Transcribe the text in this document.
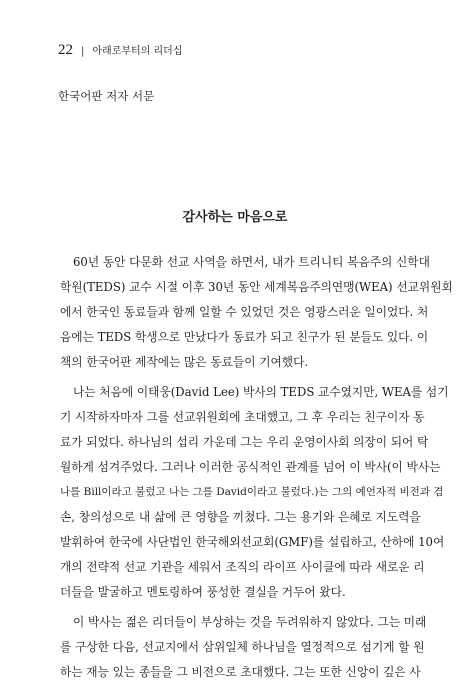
22 | 아래로부터의 리더십
한국어판 저자 서문
감사하는 마음으로
60년 동안 다문화 선교 사역을 하면서, 내가 트리니티 복음주의 신학대
학원(TEDS) 교수 시절 이후 30년 동안 세계복음주의연맹(WEA) 선교위원회
에서 한국인 동료들과 함께 일할 수 있었던 것은 영광스러운 일이었다. 처
음에는 TEDS 학생으로 만났다가 동료가 되고 친구가 된 분들도 있다. 이
책의 한국어판 제작에는 많은 동료들이 기여했다.
나는 처음에 이태웅(David Lee) 박사의 TEDS 교수였지만, WEA를 섬기
기 시작하자마자 그를 선교위원회에 초대했고, 그 후 우리는 친구이자 동
료가 되었다. 하나님의 섭리 가운데 그는 우리 운영이사회 의장이 되어 탁
월하게 섬겨주었다. 그러나 이러한 공식적인 관계를 넘어 이 박사(이 박사는
나를 Bill이라고 불렀고 나는 그를 David이라고 불렀다.)는 그의 예언자적 비전과 겸
손, 창의성으로 내 삶에 큰 영향을 끼쳤다. 그는 용기와 은혜로 지도력을
발휘하여 한국에 사단법인 한국해외선교회(GMF)를 설립하고, 산하에 10여
개의 전략적 선교 기관을 세워서 조직의 라이프 사이클에 따라 새로운 리
더들을 발굴하고 멘토링하여 풍성한 결실을 거두어 왔다.
이 박사는 젊은 리더들이 부상하는 것을 두려워하지 않았다. 그는 미래
를 구상한 다음, 선교지에서 삼위일체 하나님을 열정적으로 섬기게 할 원
하는 재능 있는 종들을 그 비전으로 초대했다. 그는 또한 신앙이 깊은 사
